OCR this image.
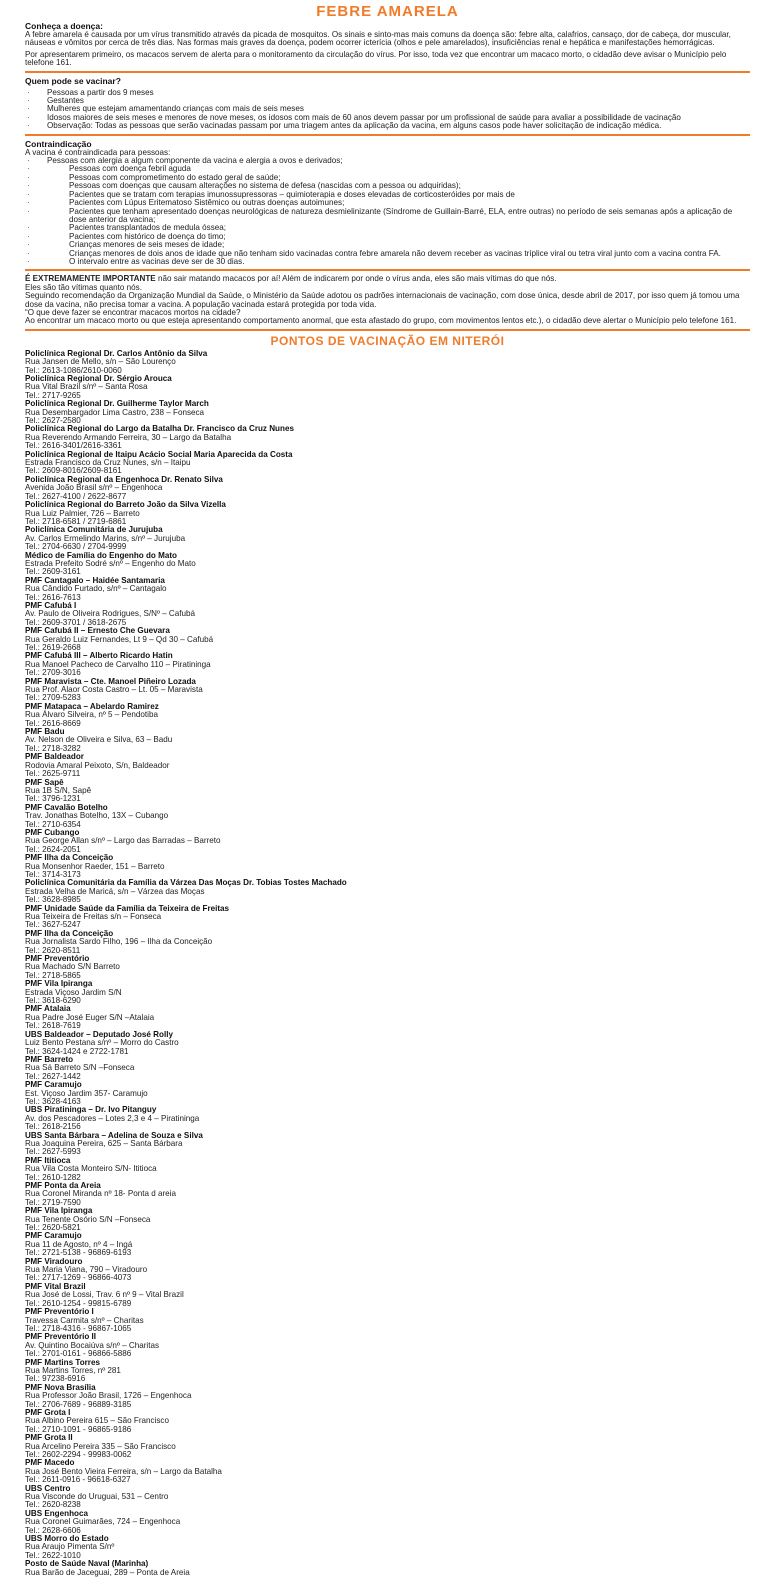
FEBRE AMARELA
Conheça a doença:

A febre amarela é causada por um vírus transmitido através da picada de mosquitos. Os sinais e sinto-mas mais comuns da doença são: febre alta, calafrios, cansaço, dor de cabeça, dor muscular, náuseas e vômitos por cerca de três dias. Nas formas mais graves da doença, podem ocorrer icterícia (olhos e pele amarelados), insuficiências renal e hepática e manifestações hemorrágicas.

Por apresentarem primeiro, os macacos servem de alerta para o monitoramento da circulação do vírus. Por isso, toda vez que encontrar um macaco morto, o cidadão deve avisar o Município pelo telefone 161.

Quem pode se vacinar?
· Pessoas a partir dos 9 meses
· Gestantes
· Mulheres que estejam amamentando crianças com mais de seis meses
· Idosos maiores de seis meses e menores de nove meses, os idosos com mais de 60 anos devem passar por um profissional de saúde para avaliar a possibilidade de vacinação
· Observação: Todas as pessoas que serão vacinadas passam por uma triagem antes da aplicação da vacina, em alguns casos pode haver solicitação de indicação médica.
Contraindicação

A vacina é contraindicada para pessoas:

· Pessoas com alergia a algum componente da vacina e alergia a ovos e derivados;
· Pessoas com doença febril aguda
· Pessoas com comprometimento do estado geral de saúde;
· Pessoas com doenças que causam alterações no sistema de defesa (nascidas com a pessoa ou adquiridas);
· Pacientes que se tratam com terapias imunossupressoras – quimioterapia e doses elevadas de corticosteróides por mais de
· Pacientes com Lúpus Eritematoso Sistêmico ou outras doenças autoimunes;
· Pacientes que tenham apresentado doenças neurológicas de natureza desmielinizante (Síndrome de Guillain-Barré, ELA, entre outras) no período de seis semanas após a aplicação de dose anterior da vacina;
· Pacientes transplantados de medula óssea;
· Pacientes com histórico de doença do timo;
· Crianças menores de seis meses de idade;
· Crianças menores de dois anos de idade que não tenham sido vacinadas contra febre amarela não devem receber as vacinas tríplice viral ou tetra viral junto com a vacina contra FA.
· O intervalo entre as vacinas deve ser de 30 dias.

É EXTREMAMENTE IMPORTANTE não sair matando macacos por aí! Além de indicarem por onde o vírus anda, eles são mais vítimas do que nós.

Eles são tão vítimas quanto nós.

Seguindo recomendação da Organização Mundial da Saúde, o Ministério da Saúde adotou os padrões internacionais de vacinação, com dose única, desde abril de 2017, por isso quem já tomou uma dose da vacina, não precisa tomar a vacina. A população vacinada estará protegida por toda vida.

“O que deve fazer se encontrar macacos mortos na cidade?

Ao encontrar um macaco morto ou que esteja apresentando comportamento anormal, que esta afastado do grupo, com movimentos lentos etc.), o cidadão deve alertar o Município pelo telefone 161.

PONTOS DE VACINAÇÃO EM NITERÓI
Policlínica Regional Dr. Carlos Antônio da Silva
Rua Jansen de Mello, s/n – São Lourenço
Tel.: 2613-1086/2610-0060
Policlínica Regional Dr. Sérgio Arouca
Rua Vital Brazil s/nº – Santa Rosa
Tel.: 2717-9265
Policlínica Regional Dr. Guilherme Taylor March
Rua Desembargador Lima Castro, 238 – Fonseca
Tel.: 2627-2580
Policlínica Regional do Largo da Batalha Dr. Francisco da Cruz Nunes
Rua Reverendo Armando Ferreira, 30 – Largo da Batalha
Tel.: 2616-3401/2616-3361
Policlínica Regional de Itaipu Acácio Social Maria Aparecida da Costa
Estrada Francisco da Cruz Nunes, s/n – Itaipu
Tel.: 2609-8016/2609-8161
Policlínica Regional da Engenhoca Dr. Renato Silva
Avenida João Brasil s/nº – Engenhoca
Tel.: 2627-4100 / 2622-8677
Policlínica Regional do Barreto João da Silva Vizella
Rua Luiz Palmier, 726 – Barreto
Tel.: 2718-6581 / 2719-6861
Policlínica Comunitária de Jurujuba
Av. Carlos Ermelindo Marins, s/nº – Jurujuba
Tel.: 2704-6630 / 2704-9999
Médico de Família do Engenho do Mato
Estrada Prefeito Sodré s/nº – Engenho do Mato
Tel.: 2609-3161
PMF Cantagalo – Haidée Santamaria
Rua Cândido Furtado, s/nº – Cantagalo
Tel.: 2616-7613
PMF Cafubá I
Av. Paulo de Oliveira Rodrigues, S/Nº – Cafubá
Tel.: 2609-3701 / 3618-2675
PMF Cafubá II – Ernesto Che Guevara
Rua Geraldo Luiz Fernandes, Lt 9 – Qd 30 – Cafubá
Tel.: 2619-2668
PMF Cafubá III – Alberto Ricardo Hatin
Rua Manoel Pacheco de Carvalho 110 – Piratininga
Tel.: 2709-3016
PMF Maravista – Cte. Manoel Piñeiro Lozada
Rua Prof. Alaor Costa Castro – Lt. 05 – Maravista
Tel.: 2709-5283
PMF Matapaca – Abelardo Ramirez
Rua Álvaro Silveira, nº 5 – Pendotiba
Tel.: 2616-8669
PMF Badu
Av. Nelson de Oliveira e Silva, 63 – Badu
Tel.: 2718-3282
PMF Baldeador
Rodovia Amaral Peixoto, S/n, Baldeador
Tel.: 2625-9711
PMF Sapê
Rua 1B S/N, Sapê
Tel.: 3796-1231
PMF Cavalão Botelho
Trav. Jonathas Botelho, 13X – Cubango
Tel.: 2710-6354
PMF Cubango
Rua George Allan s/nº – Largo das Barradas – Barreto
Tel.: 2624-2051
PMF Ilha da Conceição
Rua Monsenhor Raeder, 151 – Barreto
Tel.: 3714-3173
Policlínica Comunitária da Família da Várzea Das Moças Dr. Tobias Tostes Machado
Estrada Velha de Maricá, s/n – Várzea das Moças
Tel.: 3628-8985
PMF Unidade Saúde da Família da Teixeira de Freitas
Rua Teixeira de Freitas s/n – Fonseca
Tel.: 3627-5247
PMF Ilha da Conceição
Rua Jornalista Sardo Filho, 196 – Ilha da Conceição
Tel.: 2620-8511
PMF Preventório
Rua Machado S/N Barreto
Tel.: 2718-5865
PMF Vila Ipiranga
Estrada Viçoso Jardim S/N
Tel.: 3618-6290
PMF Atalaia
Rua Padre José Euger S/N –Atalaia
Tel.: 2618-7619
UBS Baldeador – Deputado José Rolly
Luiz Bento Pestana s/nº – Morro do Castro
Tel.: 3624-1424 e 2722-1781
PMF Barreto
Rua Sá Barreto S/N –Fonseca
Tel.: 2627-1442
PMF Caramujo
Est. Viçoso Jardim 357- Caramujo
Tel.: 3628-4163
UBS Piratininga – Dr. Ivo Pitanguy
Av. dos Pescadores – Lotes 2,3 e 4 – Piratininga
Tel.: 2618-2156
UBS Santa Bárbara – Adelina de Souza e Silva
Rua Joaquina Pereira, 625 – Santa Bárbara
Tel.: 2627-5993
PMF Ititioca
Rua Vila Costa Monteiro S/N- Ititioca
Tel.: 2610-1282
PMF Ponta da Areia
Rua Coronel Miranda nº 18- Ponta d areia
Tel.: 2719-7590
PMF Vila Ipiranga
Rua Tenente Osório S/N –Fonseca
Tel.: 2620-5821
PMF Caramujo
Rua 11 de Agosto, nº 4 – Ingá
Tel.: 2721-5138 - 96869-6193
PMF Viradouro
Rua Maria Viana, 790 – Viradouro
Tel.: 2717-1269 - 96866-4073
PMF Vital Brazil
Rua José de Lossi, Trav. 6 nº 9 – Vital Brazil
Tel.: 2610-1254 - 99815-6789
PMF Preventório I
Travessa Carmita s/nº – Charitas
Tel.: 2718-4316 - 96867-1065
PMF Preventório II
Av. Quintino Bocaiúva s/nº – Charitas
Tel.: 2701-0161 - 96866-5886
PMF Martins Torres
Rua Martins Torres, nº 281
Tel.: 97238-6916
PMF Nova Brasília
Rua Professor João Brasil, 1726 – Engenhoca
Tel.: 2706-7689 - 96889-3185
PMF Grota I
Rua Albino Pereira 615 – São Francisco
Tel.: 2710-1091 - 96865-9186
PMF Grota II
Rua Arcelino Pereira 335 – São Francisco
Tel.: 2602-2294 - 99983-0062
PMF Macedo
Rua José Bento Vieira Ferreira, s/n – Largo da Batalha
Tel.: 2611-0916 - 96618-6327
UBS Centro
Rua Visconde do Uruguai, 531 – Centro
Tel.: 2620-8238
UBS Engenhoca
Rua Coronel Guimarães, 724 – Engenhoca
Tel.: 2628-6606
UBS Morro do Estado
Rua Araujo Pimenta S/nº
Tel.: 2622-1010
Posto de Saúde Naval (Marinha)
Rua Barão de Jaceguai, 289 – Ponta de Areia
